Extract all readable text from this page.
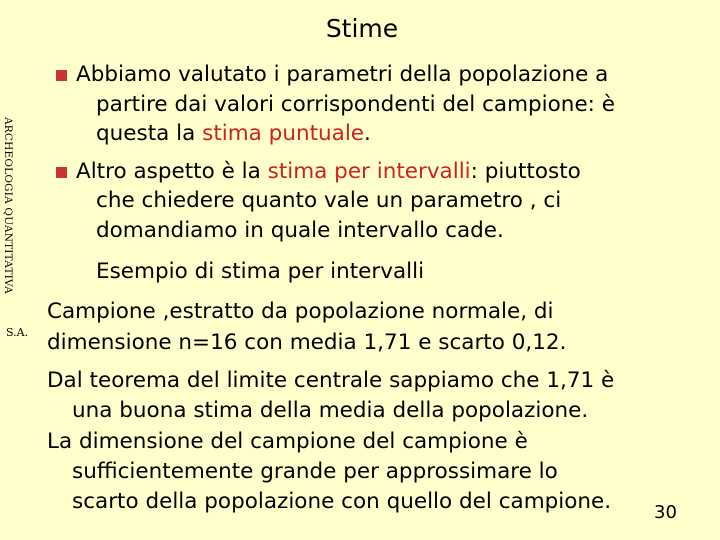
Stime
ARCHEOLOGIA QUANTITATIVA
S.A.
Abbiamo valutato i parametri della popolazione a
partire dai valori corrispondenti del campione: è
questa la stima puntuale.
Altro aspetto è la stima per intervalli: piuttosto
che chiedere quanto vale un parametro , ci
domandiamo in quale intervallo cade.
Esempio di stima per intervalli
Campione ,estratto da popolazione normale, di
dimensione n=16 con media 1,71 e scarto 0,12.
Dal teorema del limite centrale sappiamo che 1,71 è
una buona stima della media della popolazione.
La dimensione del campione del campione è
sufficientemente grande per approssimare lo
scarto della popolazione con quello del campione. 30
